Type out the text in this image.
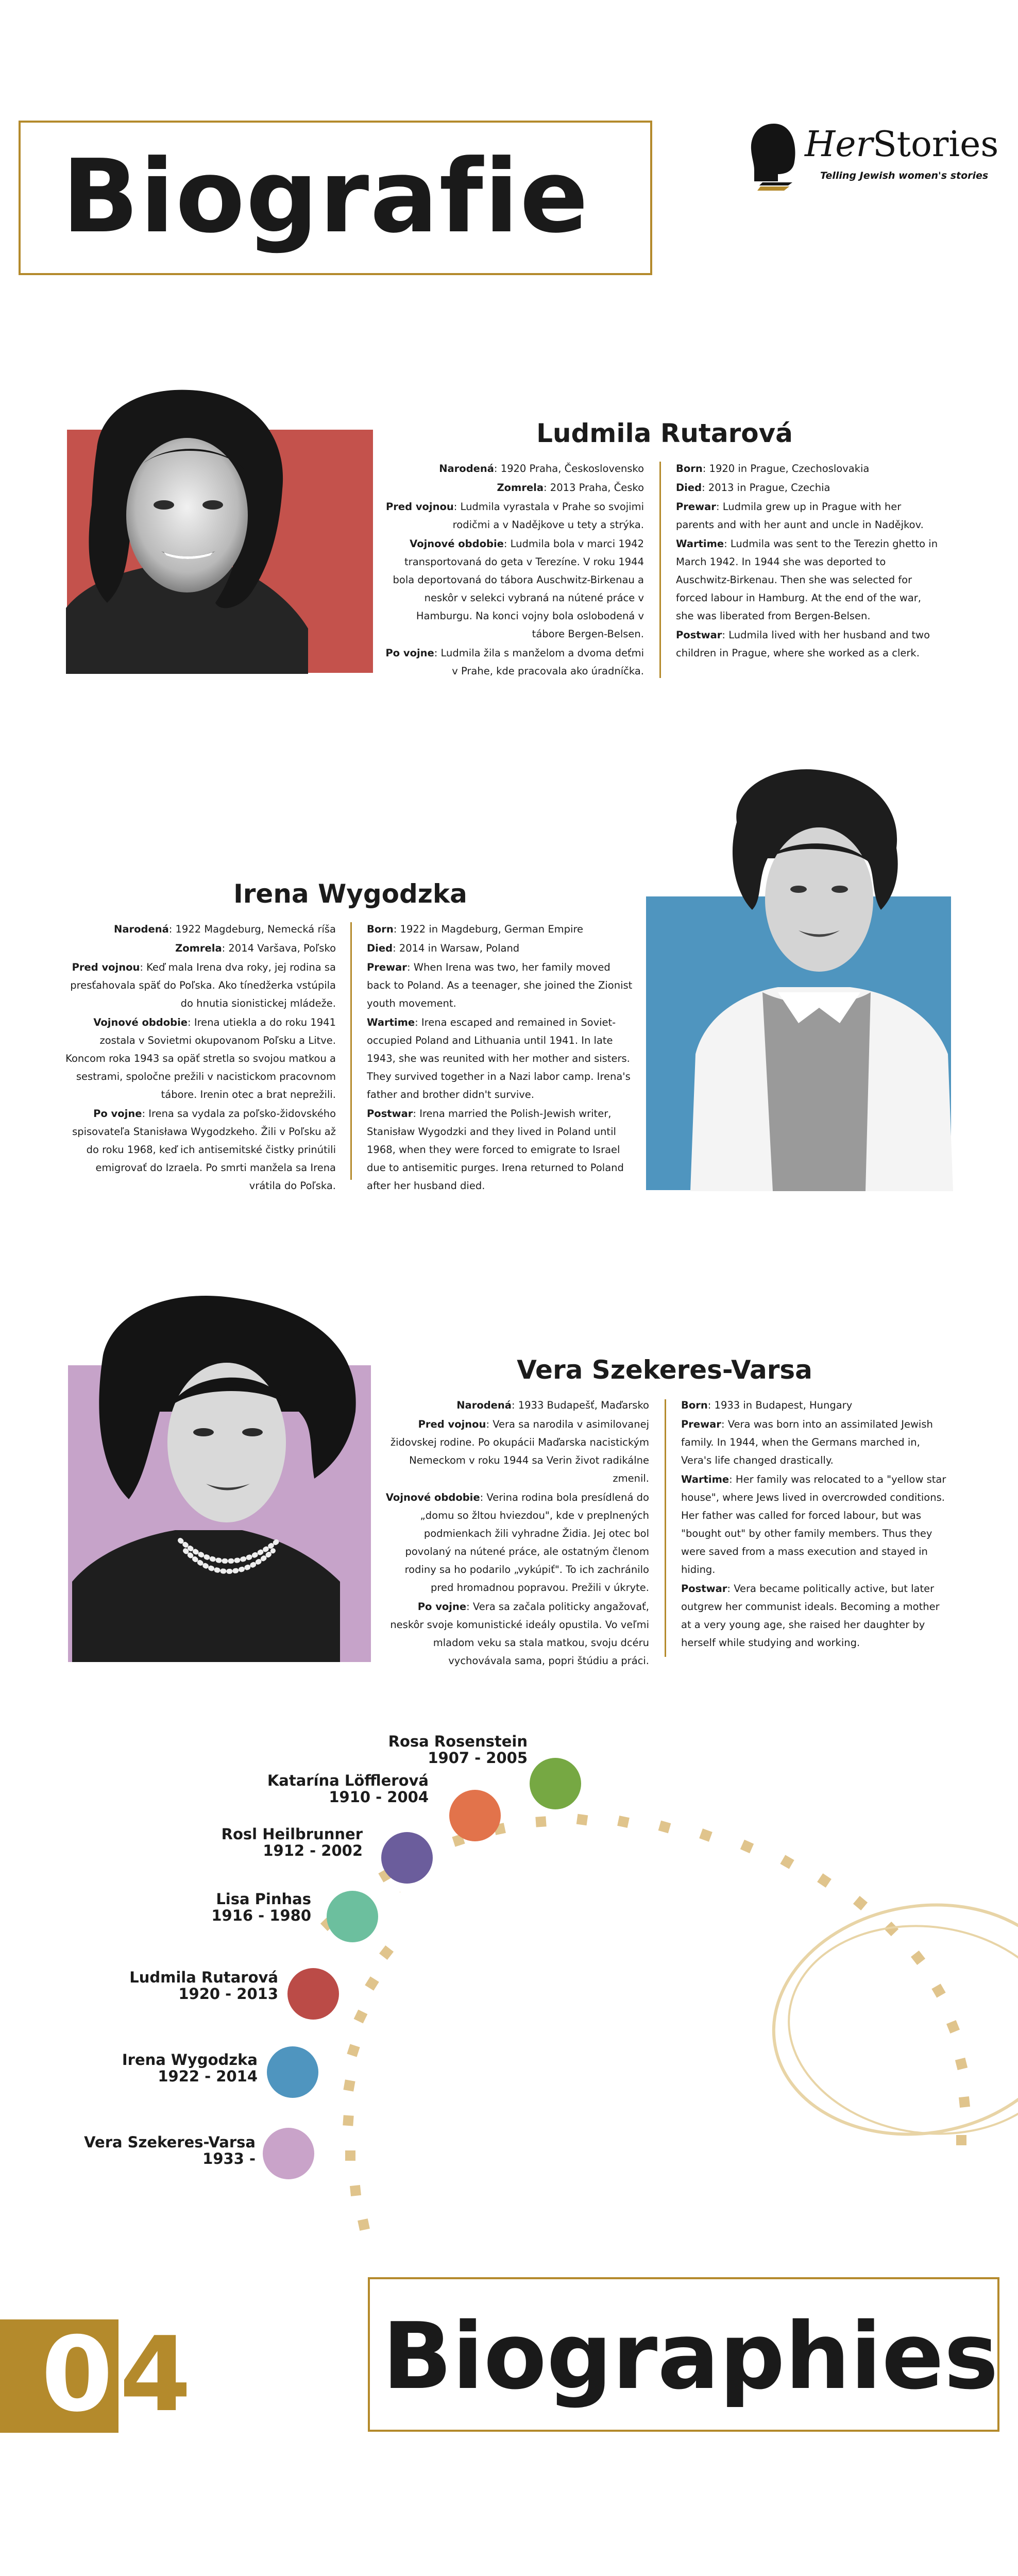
Biografie	HerStories
Telling Jewish women's stories
Ludmila Rutarová

Narodená: 1920 Praha, Československo

Zomrela: 2013 Praha, Česko

Pred vojnou: Ludmila vyrastala v Prahe so svojimi rodičmi a v Nadějkove u tety a strýka.

Vojnové obdobie: Ludmila bola v marci 1942 transportovaná do geta v Terezíne. V roku 1944 bola deportovaná do tábora Auschwitz-Birkenau a neskôr v selekci vybraná na nútené práce v Hamburgu. Na konci vojny bola oslobodená v tábore Bergen-Belsen.

Po vojne: Ludmila žila s manželom a dvoma deťmi v Prahe, kde pracovala ako úradníčka.

Born: 1920 in Prague, Czechoslovakia

Died: 2013 in Prague, Czechia

Prewar: Ludmila grew up in Prague with her parents and with her aunt and uncle in Nadějkov.

Wartime: Ludmila was sent to the Terezin ghetto in March 1942. In 1944 she was deported to Auschwitz-Birkenau. Then she was selected for forced labour in Hamburg. At the end of the war, she was liberated from Bergen-Belsen.

Postwar: Ludmila lived with her husband and two children in Prague, where she worked as a clerk.

Irena Wygodzka

Narodená: 1922 Magdeburg, Nemecká ríša

Zomrela: 2014 Varšava, Poľsko

Pred vojnou: Keď mala Irena dva roky, jej rodina sa presťahovala späť do Poľska. Ako tínedžerka vstúpila do hnutia sionistickej mládeže.

Vojnové obdobie: Irena utiekla a do roku 1941 zostala v Sovietmi okupovanom Poľsku a Litve. Koncom roka 1943 sa opäť stretla so svojou matkou a sestrami, spoločne prežili v nacistickom pracovnom tábore. Irenin otec a brat neprežili.

Po vojne: Irena sa vydala za poľsko-židovského spisovateľa Stanisława Wygodzkeho. Žili v Poľsku až do roku 1968, keď ich antisemitské čistky prinútili emigrovať do Izraela. Po smrti manžela sa Irena vrátila do Poľska.

Born: 1922 in Magdeburg, German Empire

Died: 2014 in Warsaw, Poland

Prewar: When Irena was two, her family moved back to Poland. As a teenager, she joined the Zionist youth movement.

Wartime: Irena escaped and remained in Soviet-occupied Poland and Lithuania until 1941. In late 1943, she was reunited with her mother and sisters. They survived together in a Nazi labor camp. Irena's father and brother didn't survive.

Postwar: Irena married the Polish-Jewish writer, Stanisław Wygodzki and they lived in Poland until 1968, when they were forced to emigrate to Israel due to antisemitic purges. Irena returned to Poland after her husband died.

Vera Szekeres-Varsa

Narodená: 1933 Budapešť, Maďarsko

Pred vojnou: Vera sa narodila v asimilovanej židovskej rodine. Po okupácii Maďarska nacistickým Nemeckom v roku 1944 sa Verin život radikálne zmenil.

Vojnové obdobie: Verina rodina bola presídlená do „domu so žltou hviezdou", kde v preplnených podmienkach žili vyhradne Židia. Jej otec bol povolaný na nútené práce, ale ostatným členom rodiny sa ho podarilo „vykúpiť". To ich zachránilo pred hromadnou popravou. Prežili v úkryte.

Po vojne: Vera sa začala politicky angažovať, neskôr svoje komunistické ideály opustila. Vo veľmi mladom veku sa stala matkou, svoju dcéru vychovávala sama, popri štúdiu a práci.

Born: 1933 in Budapest, Hungary

Prewar: Vera was born into an assimilated Jewish family. In 1944, when the Germans marched in, Vera's life changed drastically.

Wartime: Her family was relocated to a "yellow star house", where Jews lived in overcrowded conditions. Her father was called for forced labour, but was "bought out" by other family members. Thus they were saved from a mass execution and stayed in hiding.

Postwar: Vera became politically active, but later outgrew her communist ideals. Becoming a mother at a very young age, she raised her daughter by herself while studying and working.

Rosa Rosenstein
1907 - 2005
Katarína Löfflerová
1910 - 2004
Rosl Heilbrunner
1912 - 2002
Lisa Pinhas
1916 - 1980
Ludmila Rutarová
1920 - 2013
Irena Wygodzka
1922 - 2014
Vera Szekeres-Varsa
1933 -
0 4 Biographies
